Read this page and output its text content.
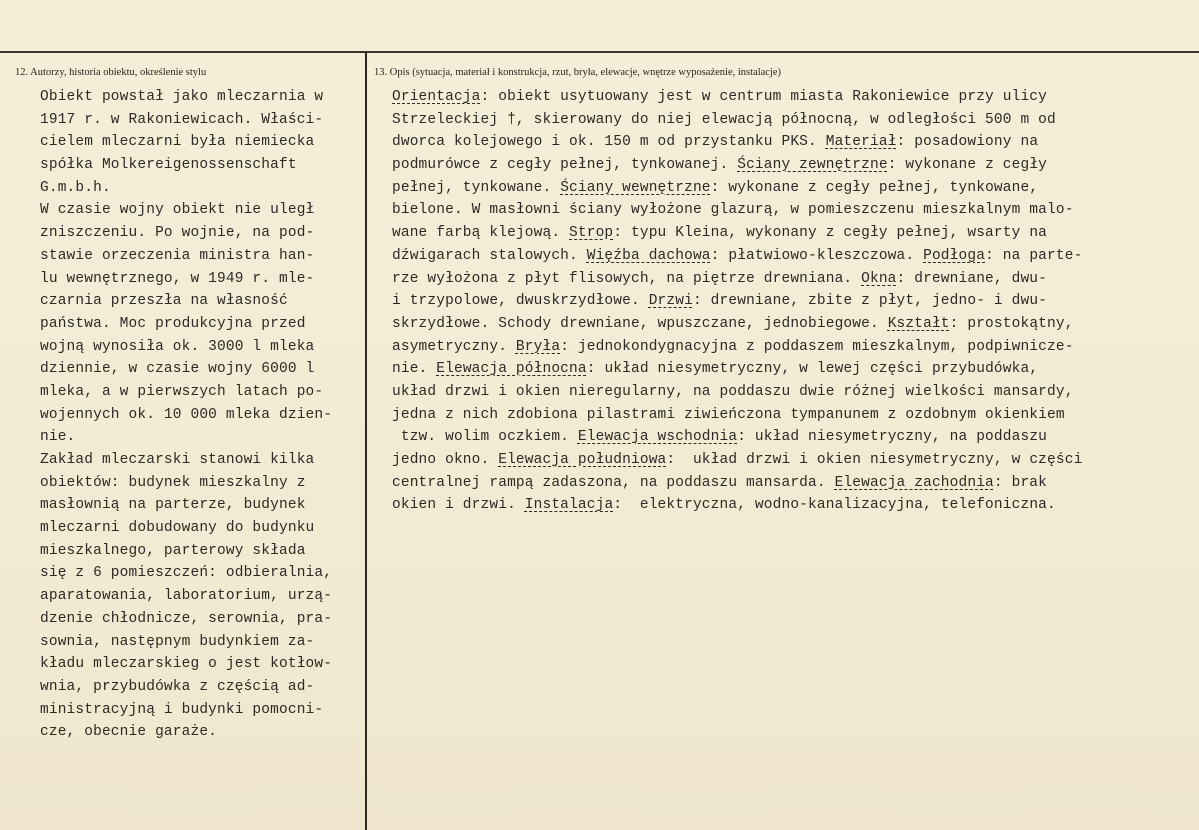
12. Autorzy, historia obiektu, określenie stylu	13. Opis (sytuacja, materiał i konstrukcja, rzut, bryła, elewacje, wnętrze wyposażenie, instalacje)
Obiekt powstał jako mleczarnia w
1917 r. w Rakoniewicach. Właści-
cielem mleczarni była niemiecka
spółka Molkereigenossenschaft
G.m.b.h.
W czasie wojny obiekt nie uległ
zniszczeniu. Po wojnie, na pod-
stawie orzeczenia ministra han-
lu wewnętrznego, w 1949 r. mle-
czarnia przeszła na własność
państwa. Moc produkcyjna przed
wojną wynosiła ok. 3000 l mleka
dziennie, w czasie wojny 6000 l
mleka, a w pierwszych latach po-
wojennych ok. 10 000 mleka dzien-
nie.
Zakład mleczarski stanowi kilka
obiektów: budynek mieszkalny z
masłownią na parterze, budynek
mleczarni dobudowany do budynku
mieszkalnego, parterowy składa
się z 6 pomieszczeń: odbieralnia,
aparatowania, laboratorium, urzą-
dzenie chłodnicze, serownia, pra-
sownia, następnym budynkiem za-
kładu mleczarskieg o jest kotłow-
wnia, przybudówka z częścią ad-
ministracyjną i budynki pomocni-
cze, obecnie garaże.
Orientacja: obiekt usytuowany jest w centrum miasta Rakoniewice przy ulicy
Strzeleckiej †, skierowany do niej elewacją północną, w odległości 500 m od
dworca kolejowego i ok. 150 m od przystanku PKS. Materiał: posadowiony na
podmurówce z cegły pełnej, tynkowanej. Ściany zewnętrzne: wykonane z cegły
pełnej, tynkowane. Ściany wewnętrzne: wykonane z cegły pełnej, tynkowane,
bielone. W masłowni ściany wyłożone glazurą, w pomieszczenu mieszkalnym malo-
wane farbą klejową. Strop: typu Kleina, wykonany z cegły pełnej, wsarty na
dźwigarach stalowych. Więźba dachowa: płatwiowo-kleszczowa. Podłoga: na parte-
rze wyłożona z płyt flisowych, na piętrze drewniana. Okna: drewniane, dwu-
i trzypolowe, dwuskrzydłowe. Drzwi: drewniane, zbite z płyt, jedno- i dwu-
skrzydłowe. Schody drewniane, wpuszczane, jednobiegowe. Kształt: prostokątny,
asymetryczny. Bryła: jednokondygnacyjna z poddaszem mieszkalnym, podpiwnicze-
nie. Elewacja północna: układ niesymetryczny, w lewej części przybudówka,
układ drzwi i okien nieregularny, na poddaszu dwie różnej wielkości mansardy,
jedna z nich zdobiona pilastrami ziwieńczona tympanunem z ozdobnym okienkiem
tzw. wolim oczkiem. Elewacja wschodnia: układ niesymetryczny, na poddaszu
jedno okno. Elewacja południowa:  układ drzwi i okien niesymetryczny, w części
centralnej rampą zadaszona, na poddaszu mansarda. Elewacja zachodnia: brak
okien i drzwi. Instalacja:  elektryczna, wodno-kanalizacyjna, telefoniczna.
